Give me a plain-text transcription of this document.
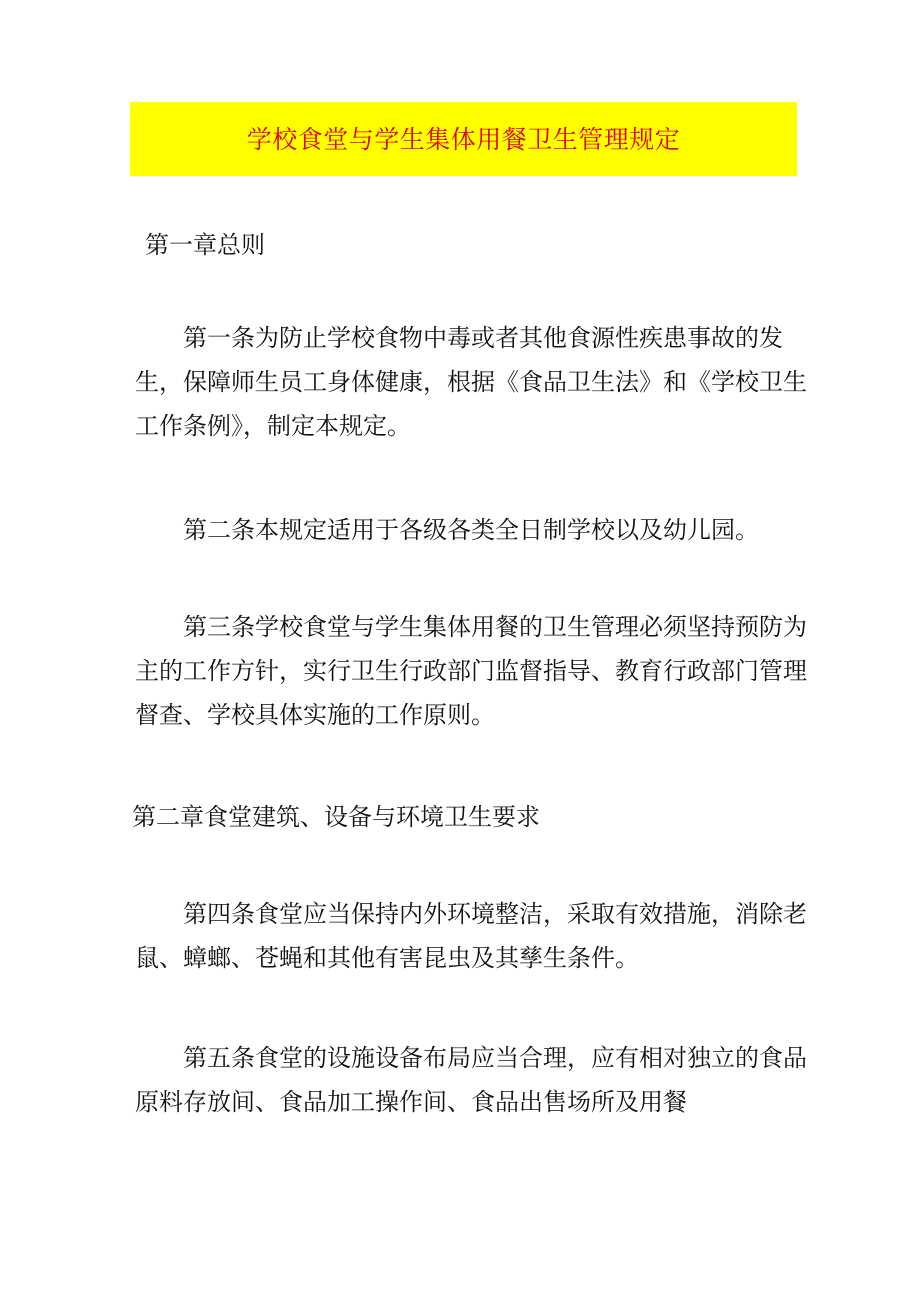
学校食堂与学生集体用餐卫生管理规定
第一章总则

第一条为防止学校食物中毒或者其他食源性疾患事故的发生，保障师生员工身体健康，根据《食品卫生法》和《学校卫生工作条例》，制定本规定。

第二条本规定适用于各级各类全日制学校以及幼儿园。

第三条学校食堂与学生集体用餐的卫生管理必须坚持预防为主的工作方针，实行卫生行政部门监督指导、教育行政部门管理督查、学校具体实施的工作原则。

第二章食堂建筑、设备与环境卫生要求

第四条食堂应当保持内外环境整洁，采取有效措施，消除老鼠、蟑螂、苍蝇和其他有害昆虫及其孳生条件。

第五条食堂的设施设备布局应当合理，应有相对独立的食品原料存放间、食品加工操作间、食品出售场所及用餐
